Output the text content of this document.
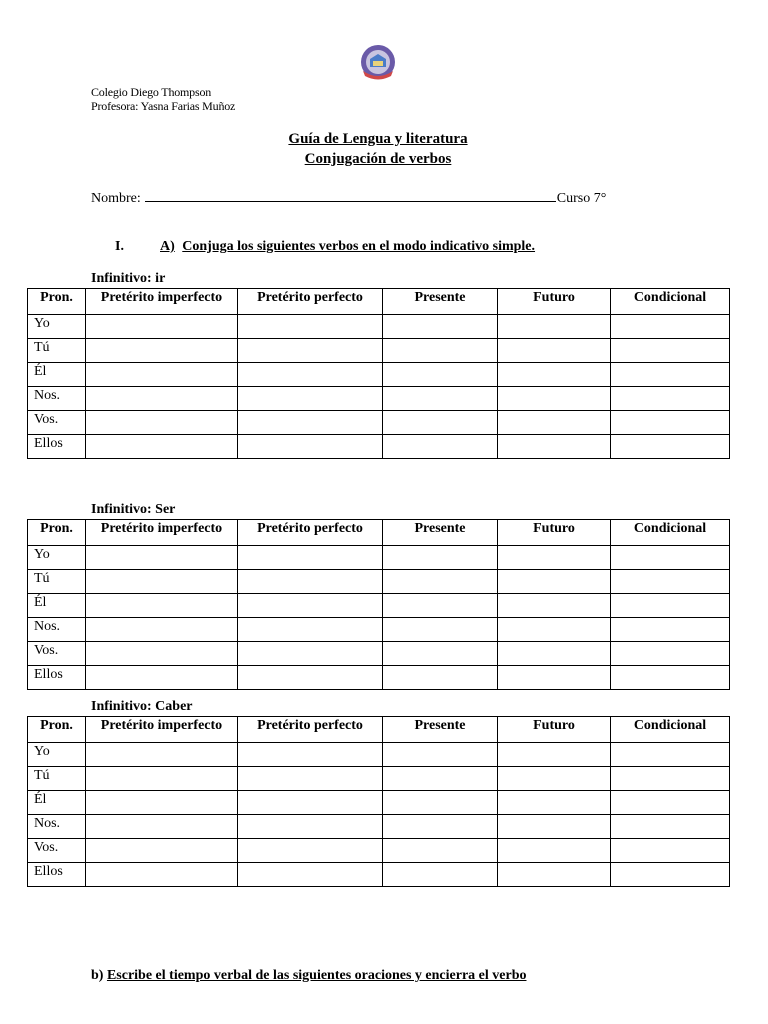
Colegio Diego Thompson
Profesora: Yasna Farias Muñoz
Guía de Lengua y literatura
Conjugación de verbos
Nombre:	Curso 7°
I.	A) Conjuga los siguientes verbos en el modo indicativo simple.
Infinitivo: ir
Pron.	Pretérito imperfecto	Pretérito perfecto	Presente	Futuro	Condicional
Yo					
Tú					
Él					
Nos.					
Vos.					
Ellos					
Infinitivo: Ser
Pron.	Pretérito imperfecto	Pretérito perfecto	Presente	Futuro	Condicional
Yo					
Tú					
Él					
Nos.					
Vos.					
Ellos					
Infinitivo: Caber
Pron.	Pretérito imperfecto	Pretérito perfecto	Presente	Futuro	Condicional
Yo					
Tú					
Él					
Nos.					
Vos.					
Ellos					
b) Escribe el tiempo verbal de las siguientes oraciones y encierra el verbo
